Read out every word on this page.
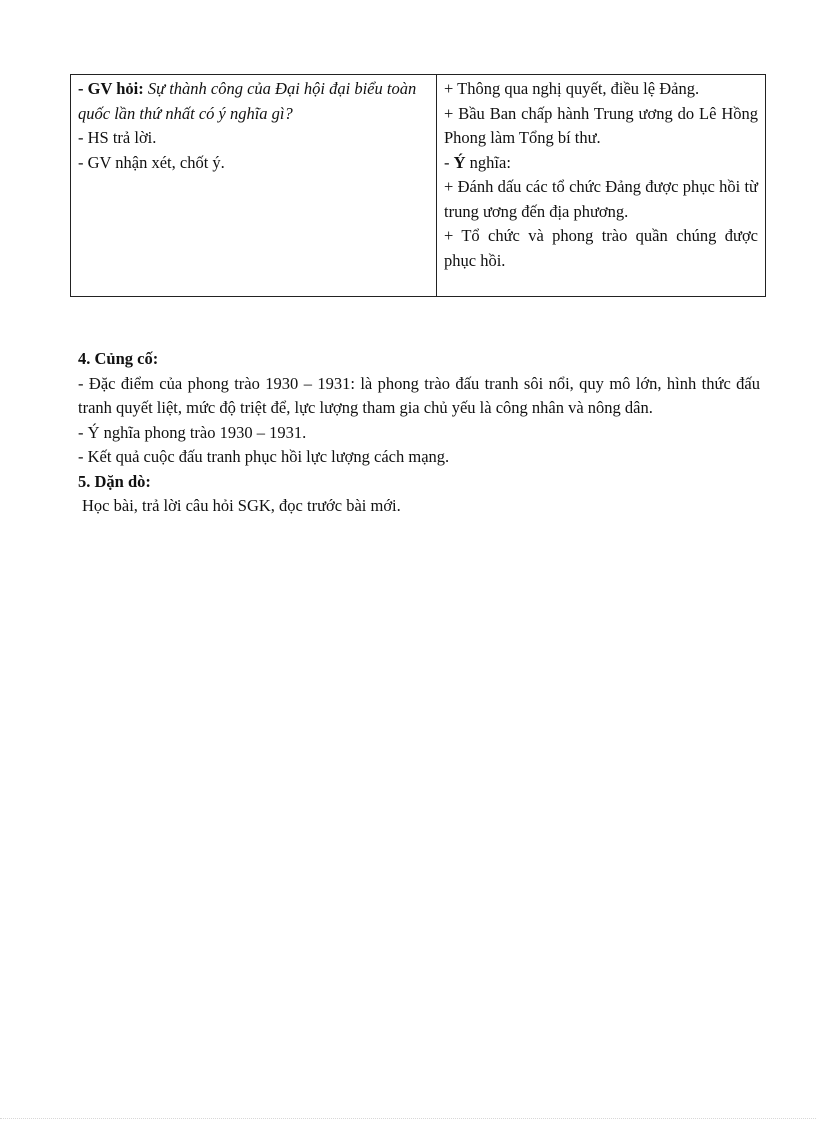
- GV hỏi: Sự thành công của Đại hội đại biểu toàn quốc lần thứ nhất có ý nghĩa gì?
- HS trả lời.
- GV nhận xét, chốt ý.

+ Thông qua nghị quyết, điều lệ Đảng.
+ Bầu Ban chấp hành Trung ương do Lê Hồng Phong làm Tổng bí thư.
- Ý nghĩa:
+ Đánh dấu các tổ chức Đảng được phục hồi từ trung ương đến địa phương.
+ Tổ chức và phong trào quần chúng được phục hồi.

4. Củng cố:

- Đặc điểm của phong trào 1930 – 1931: là phong trào đấu tranh sôi nổi, quy mô lớn, hình thức đấu tranh quyết liệt, mức độ triệt để, lực lượng tham gia chủ yếu là công nhân và nông dân.

- Ý nghĩa phong trào 1930 – 1931.

- Kết quả cuộc đấu tranh phục hồi lực lượng cách mạng.

5. Dặn dò:

Học bài, trả lời câu hỏi SGK, đọc trước bài mới.
